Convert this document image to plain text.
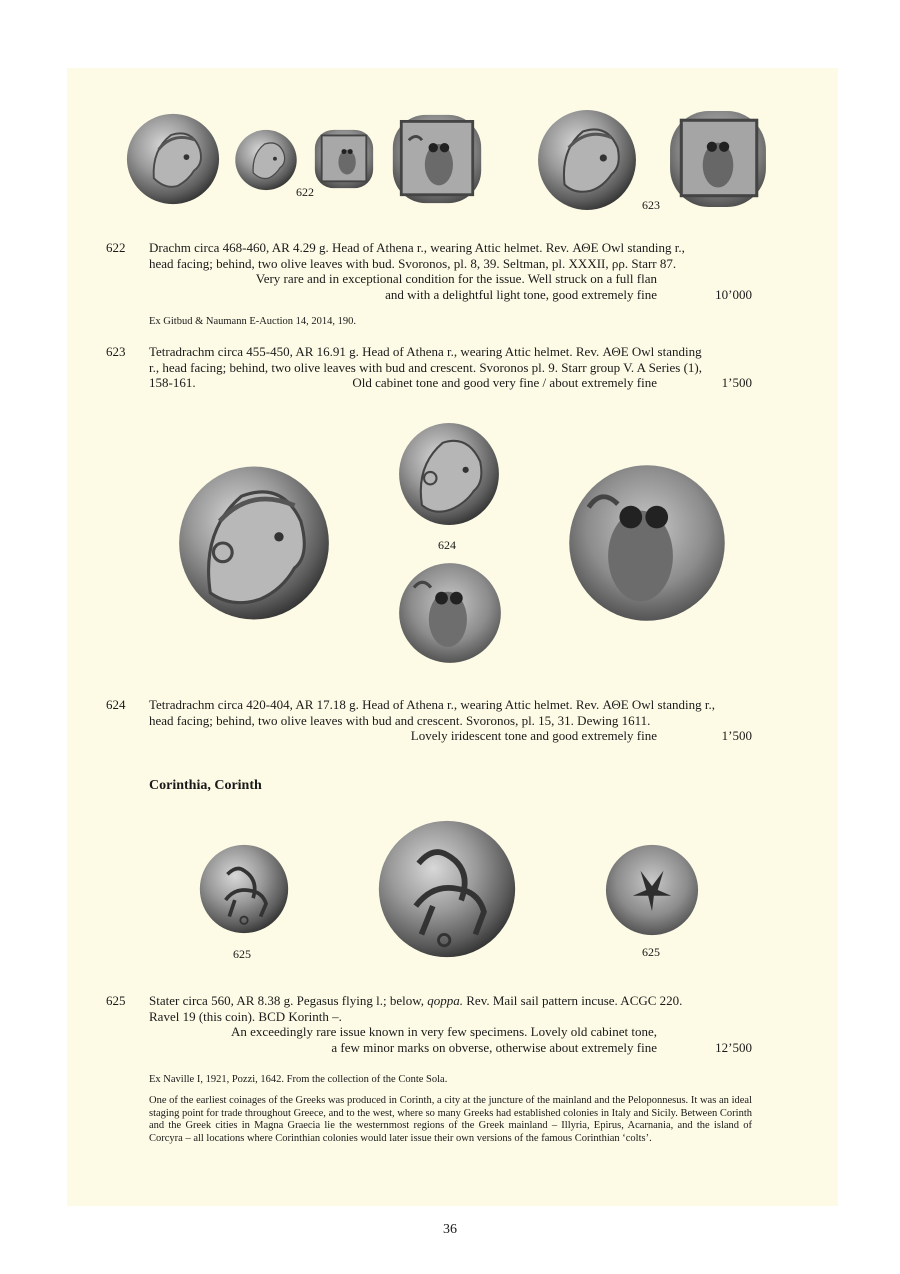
622
623
622 Drachm circa 468-460, AR 4.29 g. Head of Athena r., wearing Attic helmet. Rev. ΑΘΕ Owl standing r.,
head facing; behind, two olive leaves with bud. Svoronos, pl. 8, 39. Seltman, pl. XXXII, ρρ. Starr 87.
Very rare and in exceptional condition for the issue. Well struck on a full flan
and with a delightful light tone, good extremely fine	10’000
Ex Gitbud & Naumann E-Auction 14, 2014, 190.
623 Tetradrachm circa 455-450, AR 16.91 g. Head of Athena r., wearing Attic helmet. Rev. ΑΘΕ Owl standing
r., head facing; behind, two olive leaves with bud and crescent. Svoronos pl. 9. Starr group V. A Series (1),
158-161.	Old cabinet tone and good very fine / about extremely fine	1’500
624
624 Tetradrachm circa 420-404, AR 17.18 g. Head of Athena r., wearing Attic helmet. Rev. ΑΘΕ Owl standing r.,
head facing; behind, two olive leaves with bud and crescent. Svoronos, pl. 15, 31. Dewing 1611.
Lovely iridescent tone and good extremely fine	1’500
Corinthia, Corinth
625	625
625 Stater circa 560, AR 8.38 g. Pegasus flying l.; below, qoppa. Rev. Mail sail pattern incuse. ACGC 220.
Ravel 19 (this coin). BCD Korinth –.
An exceedingly rare issue known in very few specimens. Lovely old cabinet tone,
a few minor marks on obverse, otherwise about extremely fine	12’500
Ex Naville I, 1921, Pozzi, 1642. From the collection of the Conte Sola.
One of the earliest coinages of the Greeks was produced in Corinth, a city at the juncture of the mainland and the Peloponnesus. It was an ideal staging point for trade throughout Greece, and to the west, where so many Greeks had established colonies in Italy and Sicily. Between Corinth and the Greek cities in Magna Graecia lie the westernmost regions of the Greek mainland – Illyria, Epirus, Acarnania, and the island of Corcyra – all locations where Corinthian colonies would later issue their own versions of the famous Corinthian ‘colts’.
36
